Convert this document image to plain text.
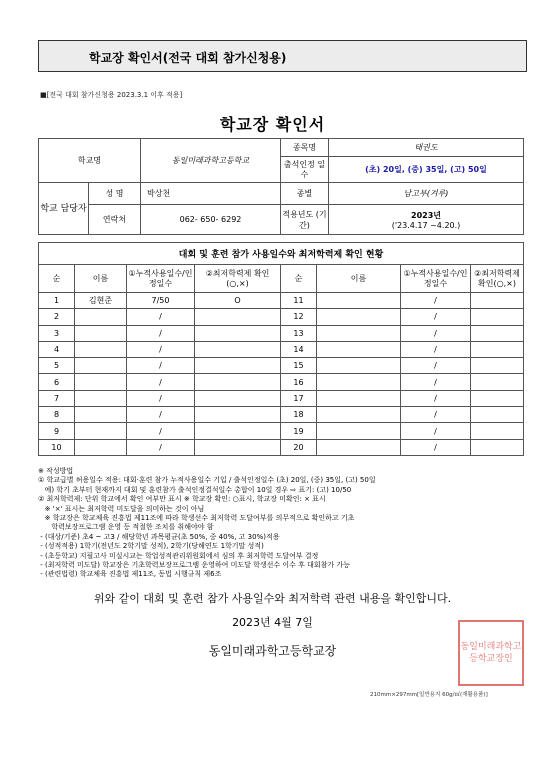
학교장 확인서(전국 대회 참가신청용)
■[전국 대회 참가신청용 2023.3.1 이후 적용]
학교장 확인서
학교명		동일미래과학고등학교	종목명	태권도
			출석인정 일수	(초) 20일, (중) 35일, (고) 50일
학교 담당자	성 명	박상천	종별	남고부(겨루)
	연락처	062- 650- 6292	적용년도 (기간)	2023년
('23.4.17 ~4.20.)
대회 및 훈련 참가 사용일수와 최저학력제 확인 현황							
순	이름	①누적사용일수/인정일수	②최저학력제 확인(○,×)	순	이름	①누적사용일수/인정일수	②최저학력제 확인(○,×)
1	김현준	7/50	O	11		/	
2		/		12		/	
3		/		13		/	
4		/		14		/	
5		/		15		/	
6		/		16		/	
7		/		17		/	
8		/		18		/	
9		/		19		/	
10		/		20		/	
※ 작성방법
① 학교급별 허용일수 적용: 대회·훈련 참가 누적사용일수 기입 / 출석인정일수 (초) 20일, (중) 35일, (고) 50일
예) 학기 초부터 현재까지 대회 및 훈련참가 출석인정결석일수 총합이 10일 경우 ⇨ 표기: (고) 10/50
② 최저학력제: 단위 학교에서 확인 여부만 표시 ※ 학교장 확인: ○표시, 학교장 미확인: × 표시
※ '×' 표시는 최저학력 미도달을 의미하는 것이 아님
※ 학교장은 학교체육 진흥법 제11조에 따라 학생선수 최저학력 도달여부를 의무적으로 확인하고 기초
학력보장프로그램 운영 등 적절한 조치를 취해야야 함
- (대상/기준) 초4 ~ 고3 / 해당학년 과목평균(초 50%, 중 40%, 고 30%)적용
- (성적적용) 1학기(전년도 2학기말 성적), 2학기(당해연도 1학기말 성적)
- (초등학교) 지필고사 미실시교는 학업성적관리위원회에서 심의 후 최저학력 도달여부 결정
- (최저학력 미도달) 학교장은 기초학력보장프로그램 운영하여 미도달 학생선수 이수 후 대회참가 가능
- (관련법령) 학교체육 진흥법 제11조, 동법 시행규칙 제6조
위와 같이 대회 및 훈련 참가 사용일수와 최저학력 관련 내용을 확인합니다.
2023년 4월 7일
동일미래과학고등학교장	동일미래과학고등학교장인
210mm×297mm[일반용지 60g/㎡(재활용품)]
